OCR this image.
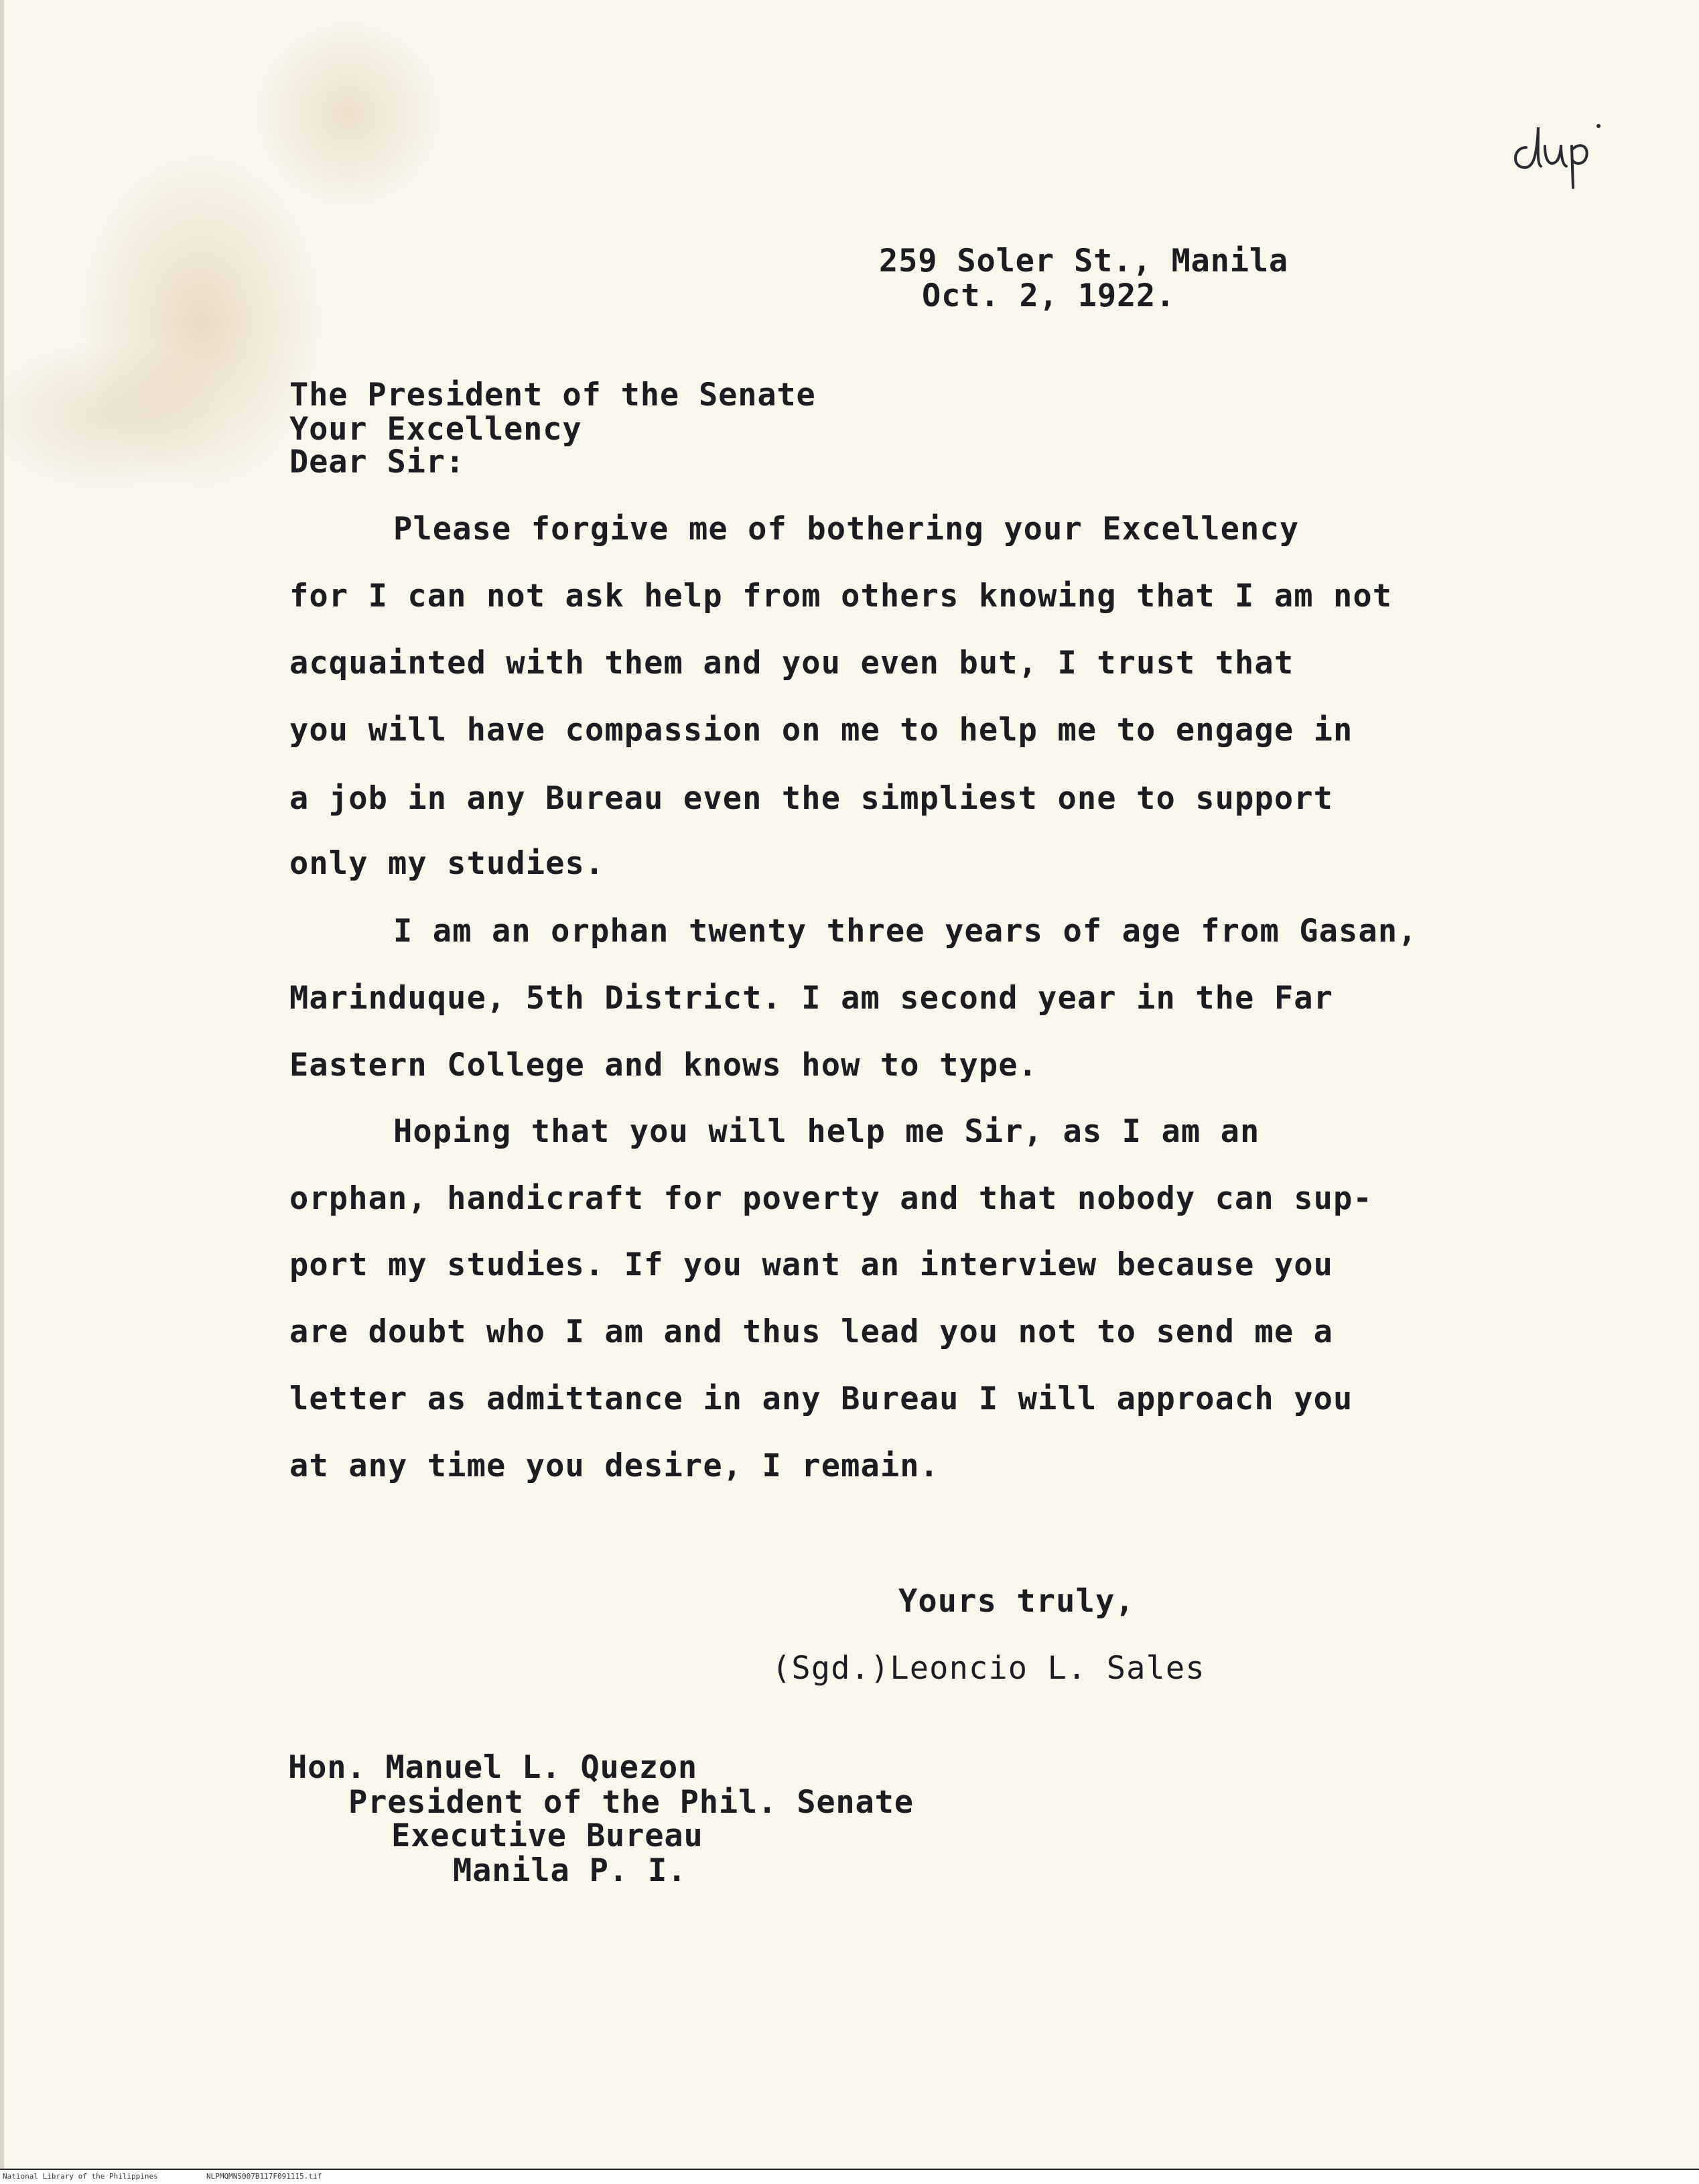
259 Soler St., Manila
Oct. 2, 1922.
The President of the Senate
Your Excellency
Dear Sir:
Please forgive me of bothering your Excellency
for I can not ask help from others knowing that I am not
acquainted with them and you even but, I trust that
you will have compassion on me to help me to engage in
a job in any Bureau even the simpliest one to support
only my studies.
I am an orphan twenty three years of age from Gasan,
Marinduque, 5th District. I am second year in the Far
Eastern College and knows how to type.
Hoping that you will help me Sir, as I am an
orphan, handicraft for poverty and that nobody can sup-
port my studies. If you want an interview because you
are doubt who I am and thus lead you not to send me a
letter as admittance in any Bureau I will approach you
at any time you desire, I remain.
Yours truly,
(Sgd.)Leoncio L. Sales
Hon. Manuel L. Quezon
President of the Phil. Senate
Executive Bureau
Manila P. I.
National Library of the Philippines	NLPMQMNS007B117F091115.tif
